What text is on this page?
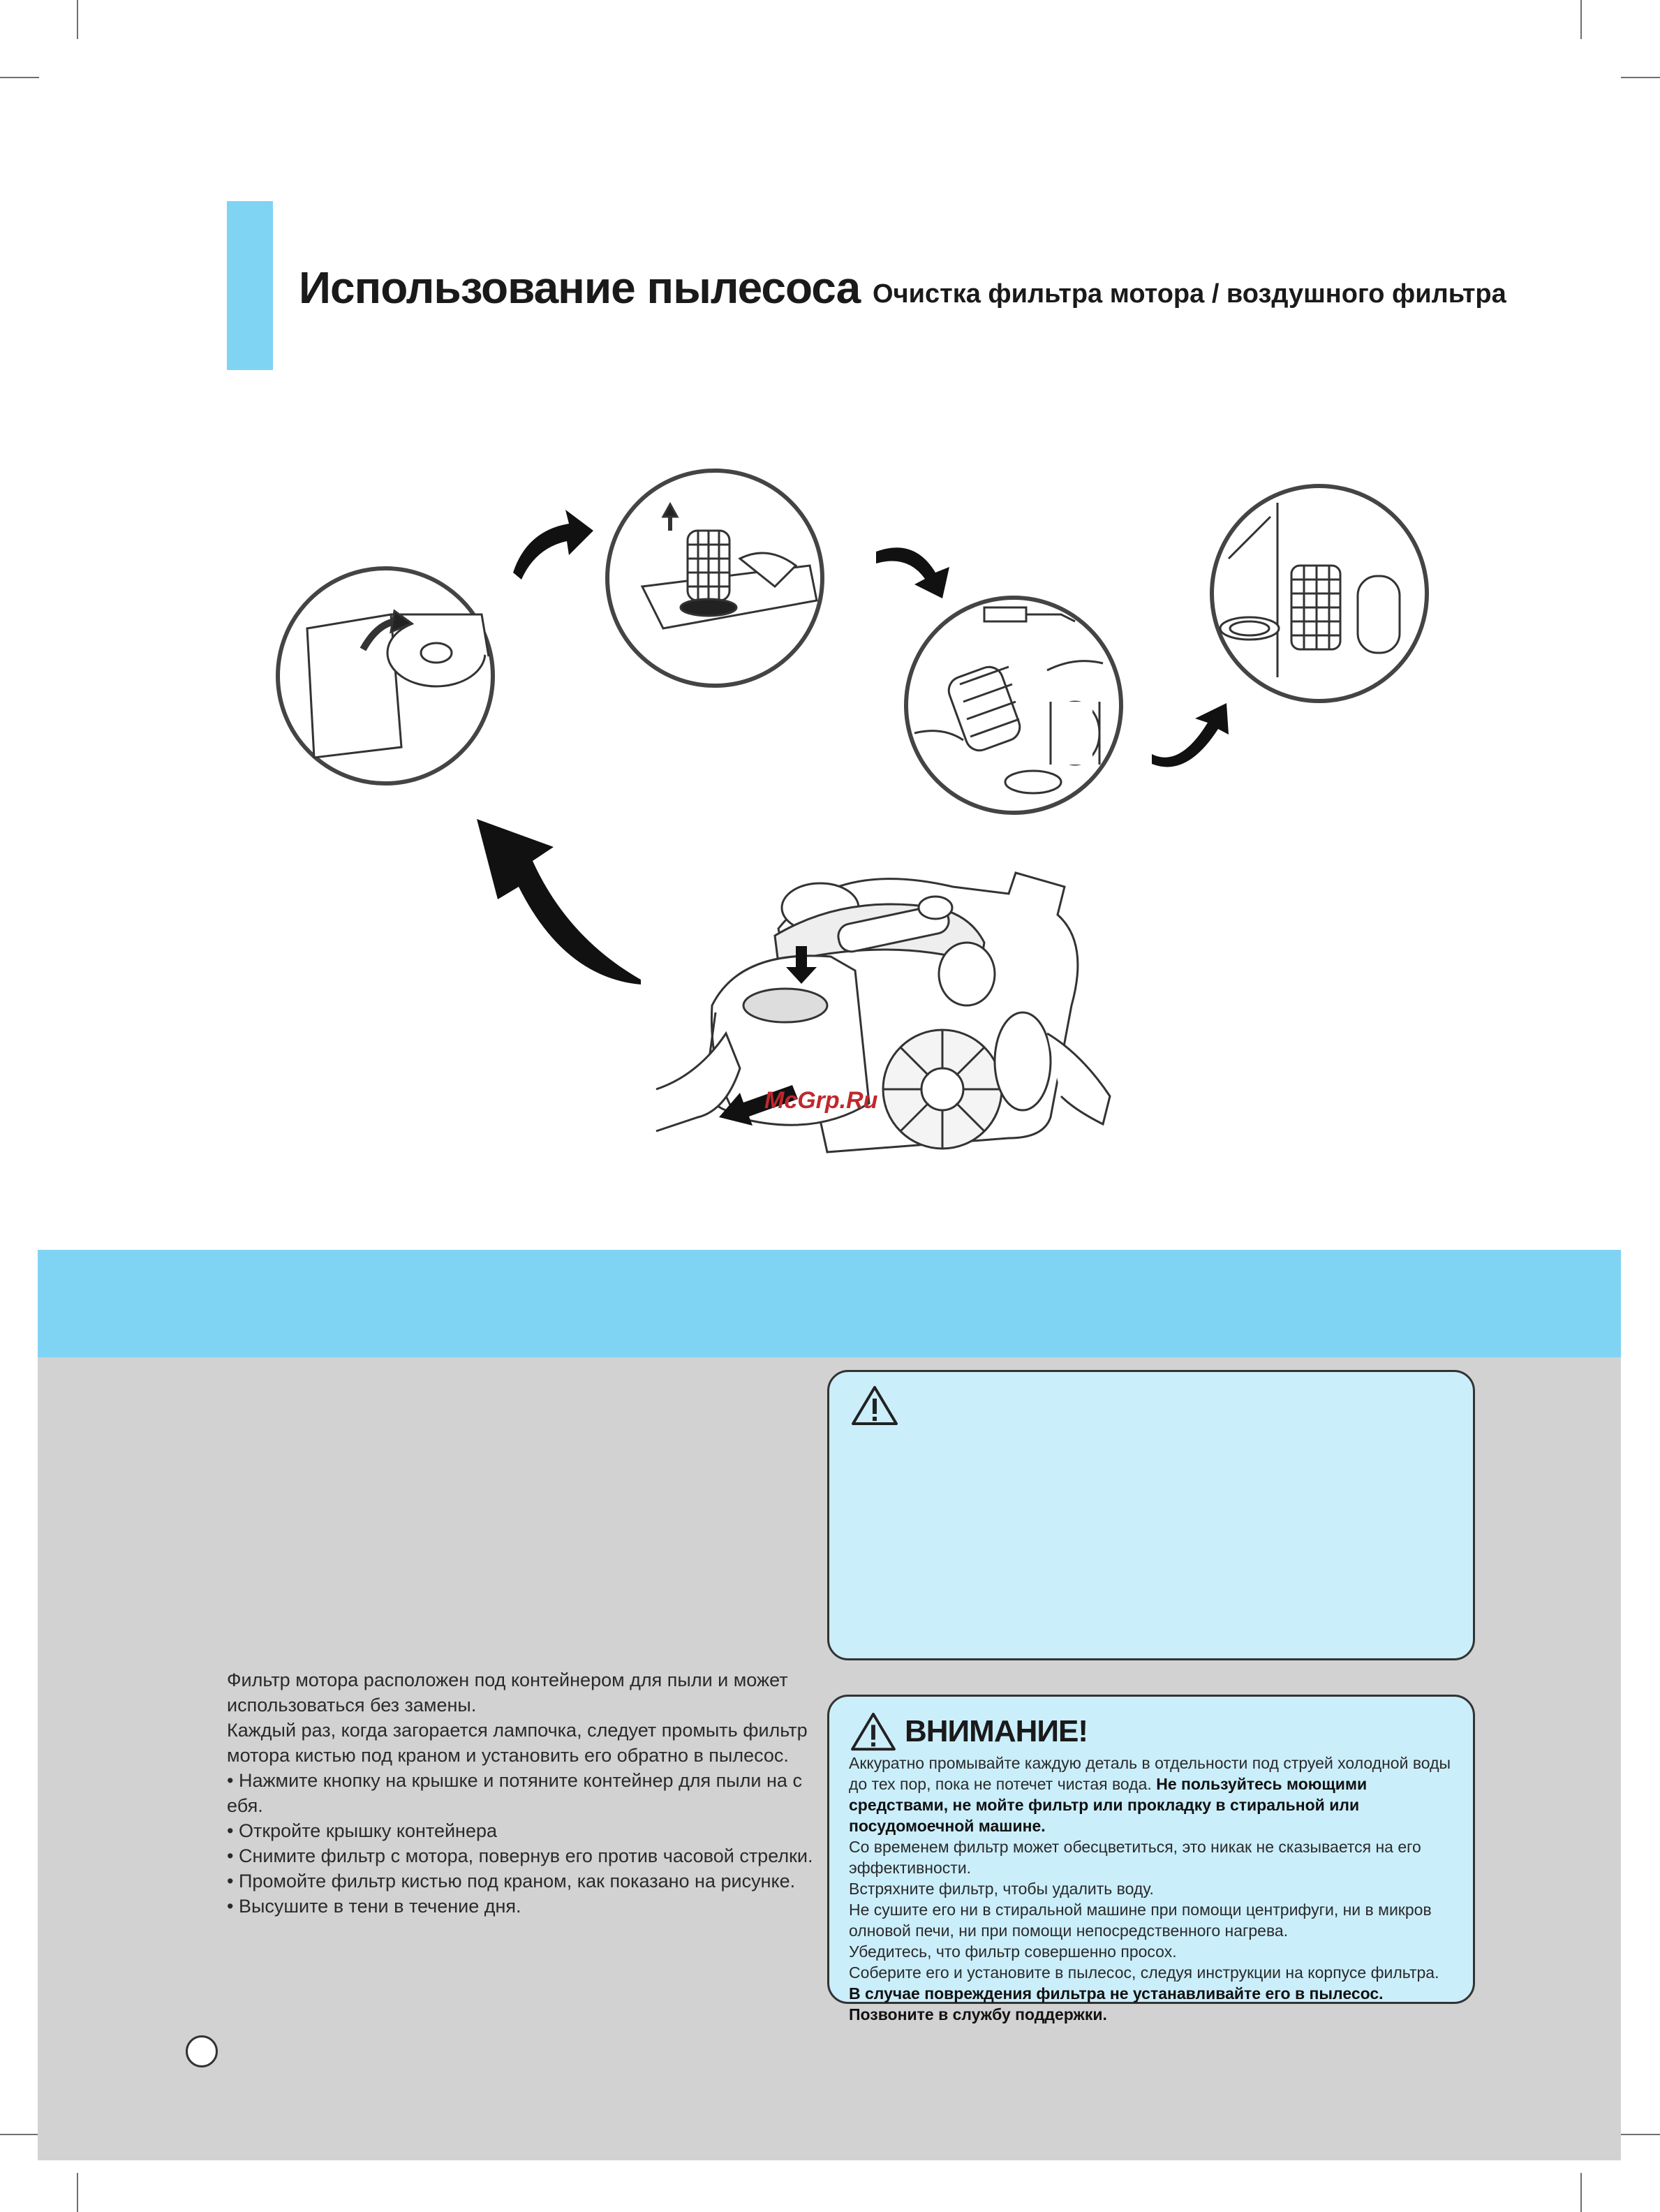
Использование пылесоса Очистка фильтра мотора / воздушного фильтра
McGrp.Ru

Фильтр мотора расположен под контейнером для пыли и может использоваться без замены.

Каждый раз, когда загорается лампочка, следует промыть фильтр мотора кистью под краном и установить его обратно в пылесос.

• Нажмите кнопку на крышке и потяните контейнер для пыли на с ебя.

• Откройте крышку контейнера

• Снимите фильтр с мотора, повернув его против часовой стрелки.

• Промойте фильтр кистью под краном, как показано на рисунке.

• Высушите в тени в течение дня.

ВНИМАНИЕ!

Аккуратно промывайте каждую деталь в отдельности под струей холодной воды до тех пор, пока не потечет чистая вода. Не пользуйтесь моющими средствами, не мойте фильтр или прокладку в стиральной или посудомоечной машине.

Со временем фильтр может обесцветиться, это никак не сказывается на его эффективности.

Встряхните фильтр, чтобы удалить воду.

Не сушите его ни в стиральной машине при помощи центрифуги, ни в микров олновой печи, ни при помощи непосредственного нагрева.

Убедитесь, что фильтр совершенно просох.

Соберите его и установите в пылесос, следуя инструкции на корпусе фильтра.

В случае повреждения фильтра не устанавливайте его в пылесос. Позвоните в службу поддержки.
